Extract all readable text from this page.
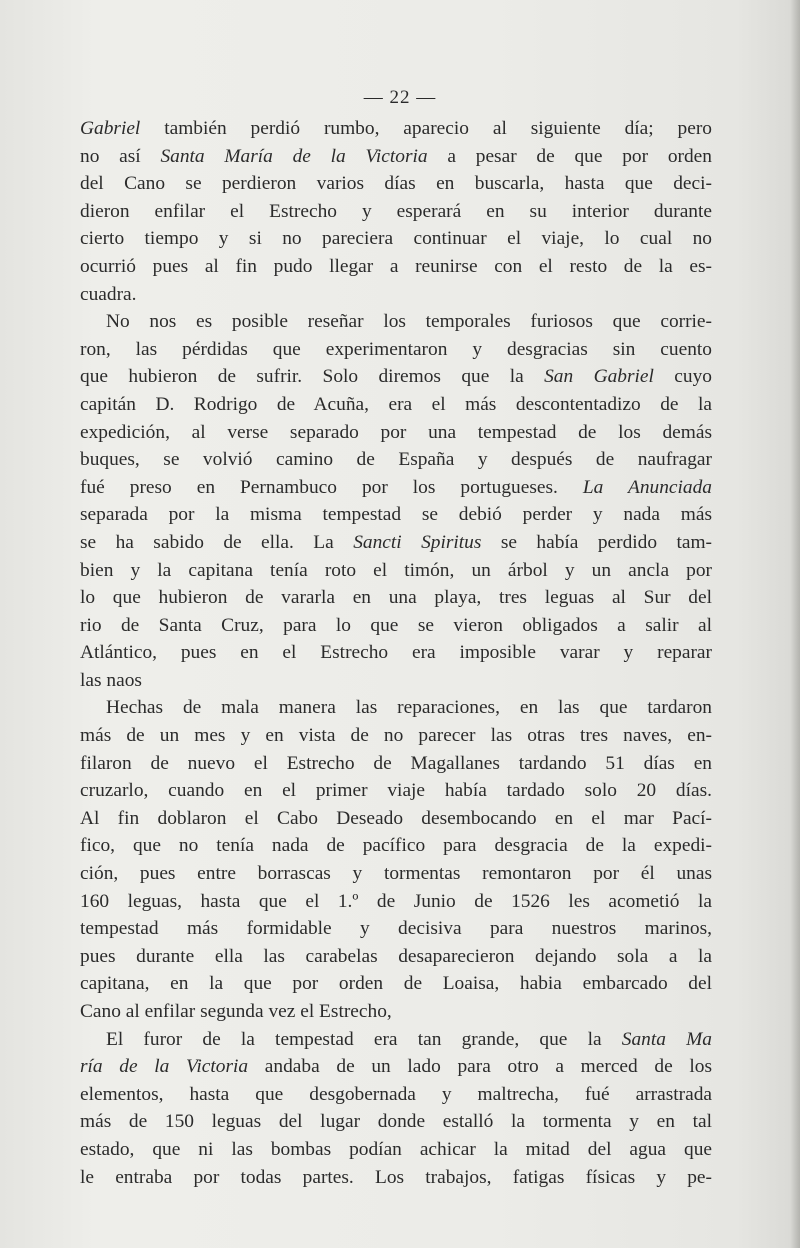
— 22 —
Gabriel también perdió rumbo, aparecio al siguiente día; pero
no así Santa María de la Victoria a pesar de que por orden
del Cano se perdieron varios días en buscarla, hasta que deci-
dieron enfilar el Estrecho y esperará en su interior durante
cierto tiempo y si no pareciera continuar el viaje, lo cual no
ocurrió pues al fin pudo llegar a reunirse con el resto de la es-
cuadra.
No nos es posible reseñar los temporales furiosos que corrie-
ron, las pérdidas que experimentaron y desgracias sin cuento
que hubieron de sufrir. Solo diremos que la San Gabriel cuyo
capitán D. Rodrigo de Acuña, era el más descontentadizo de la
expedición, al verse separado por una tempestad de los demás
buques, se volvió camino de España y después de naufragar
fué preso en Pernambuco por los portugueses. La Anunciada
separada por la misma tempestad se debió perder y nada más
se ha sabido de ella. La Sancti Spiritus se había perdido tam-
bien y la capitana tenía roto el timón, un árbol y un ancla por
lo que hubieron de vararla en una playa, tres leguas al Sur del
rio de Santa Cruz, para lo que se vieron obligados a salir al
Atlántico, pues en el Estrecho era imposible varar y reparar
las naos
Hechas de mala manera las reparaciones, en las que tardaron
más de un mes y en vista de no parecer las otras tres naves, en-
filaron de nuevo el Estrecho de Magallanes tardando 51 días en
cruzarlo, cuando en el primer viaje había tardado solo 20 días.
Al fin doblaron el Cabo Deseado desembocando en el mar Pací-
fico, que no tenía nada de pacífico para desgracia de la expedi-
ción, pues entre borrascas y tormentas remontaron por él unas
160 leguas, hasta que el 1.º de Junio de 1526 les acometió la
tempestad más formidable y decisiva para nuestros marinos,
pues durante ella las carabelas desaparecieron dejando sola a la
capitana, en la que por orden de Loaisa, habia embarcado del
Cano al enfilar segunda vez el Estrecho,
El furor de la tempestad era tan grande, que la Santa Ma
ría de la Victoria andaba de un lado para otro a merced de los
elementos, hasta que desgobernada y maltrecha, fué arrastrada
más de 150 leguas del lugar donde estalló la tormenta y en tal
estado, que ni las bombas podían achicar la mitad del agua que
le entraba por todas partes. Los trabajos, fatigas físicas y pe-
